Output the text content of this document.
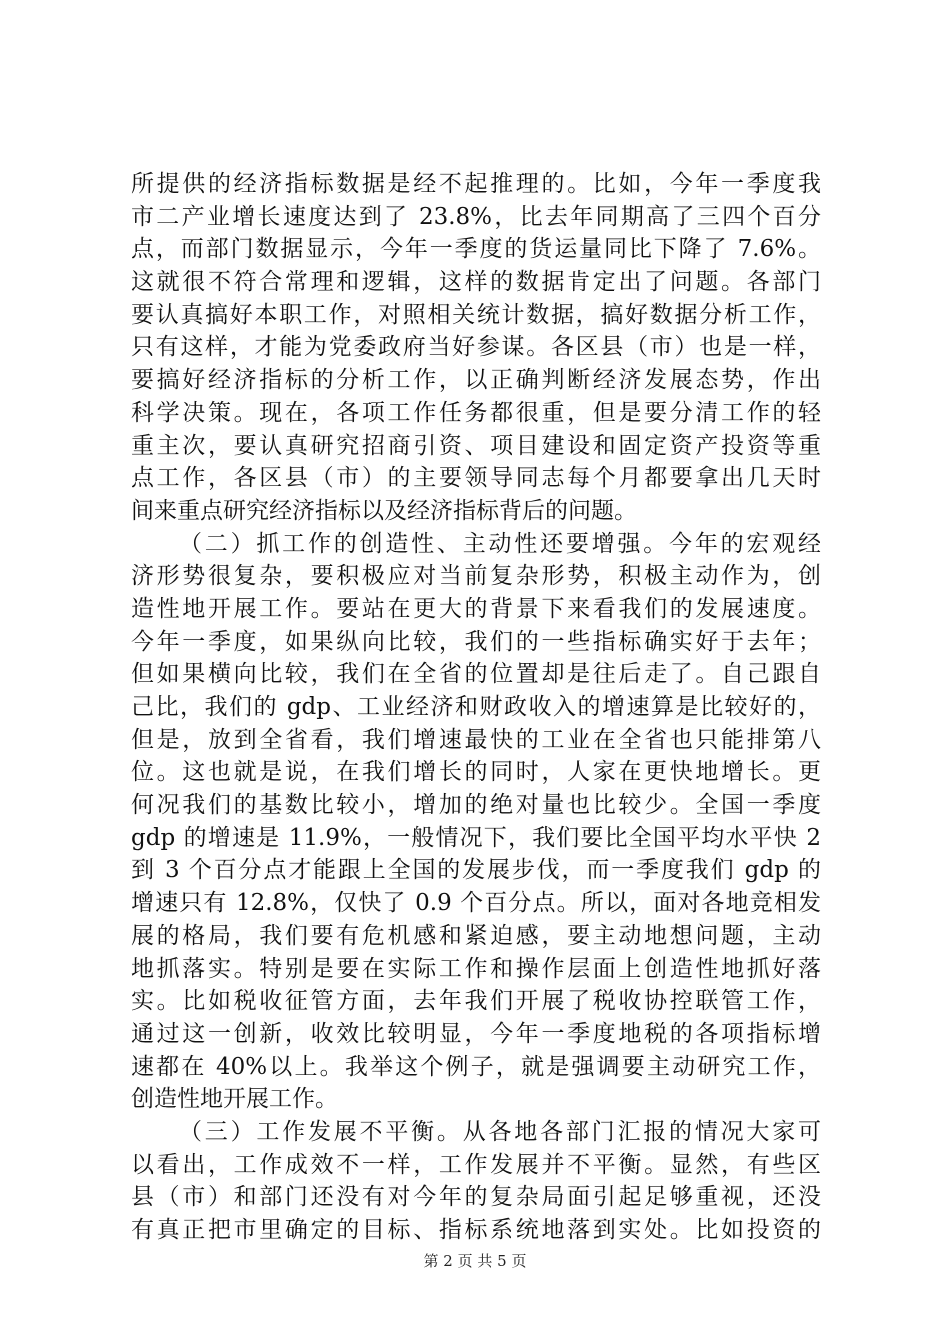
所提供的经济指标数据是经不起推理的。比如，今年一季度我
市二产业增长速度达到了 23.8%，比去年同期高了三四个百分
点，而部门数据显示，今年一季度的货运量同比下降了 7.6%。
这就很不符合常理和逻辑，这样的数据肯定出了问题。各部门
要认真搞好本职工作，对照相关统计数据，搞好数据分析工作，
只有这样，才能为党委政府当好参谋。各区县（市）也是一样，
要搞好经济指标的分析工作，以正确判断经济发展态势，作出
科学决策。现在，各项工作任务都很重，但是要分清工作的轻
重主次，要认真研究招商引资、项目建设和固定资产投资等重
点工作，各区县（市）的主要领导同志每个月都要拿出几天时
间来重点研究经济指标以及经济指标背后的问题。
（二）抓工作的创造性、主动性还要增强。今年的宏观经
济形势很复杂，要积极应对当前复杂形势，积极主动作为，创
造性地开展工作。要站在更大的背景下来看我们的发展速度。
今年一季度，如果纵向比较，我们的一些指标确实好于去年；
但如果横向比较，我们在全省的位置却是往后走了。自己跟自
己比，我们的 gdp、工业经济和财政收入的增速算是比较好的，
但是，放到全省看，我们增速最快的工业在全省也只能排第八
位。这也就是说，在我们增长的同时，人家在更快地增长。更
何况我们的基数比较小，增加的绝对量也比较少。全国一季度
gdp 的增速是 11.9%，一般情况下，我们要比全国平均水平快 2
到 3 个百分点才能跟上全国的发展步伐，而一季度我们 gdp 的
增速只有 12.8%，仅快了 0.9 个百分点。所以，面对各地竞相发
展的格局，我们要有危机感和紧迫感，要主动地想问题，主动
地抓落实。特别是要在实际工作和操作层面上创造性地抓好落
实。比如税收征管方面，去年我们开展了税收协控联管工作，
通过这一创新，收效比较明显，今年一季度地税的各项指标增
速都在 40%以上。我举这个例子，就是强调要主动研究工作，
创造性地开展工作。
（三）工作发展不平衡。从各地各部门汇报的情况大家可
以看出，工作成效不一样，工作发展并不平衡。显然，有些区
县（市）和部门还没有对今年的复杂局面引起足够重视，还没
有真正把市里确定的目标、指标系统地落到实处。比如投资的
第 2 页 共 5 页
